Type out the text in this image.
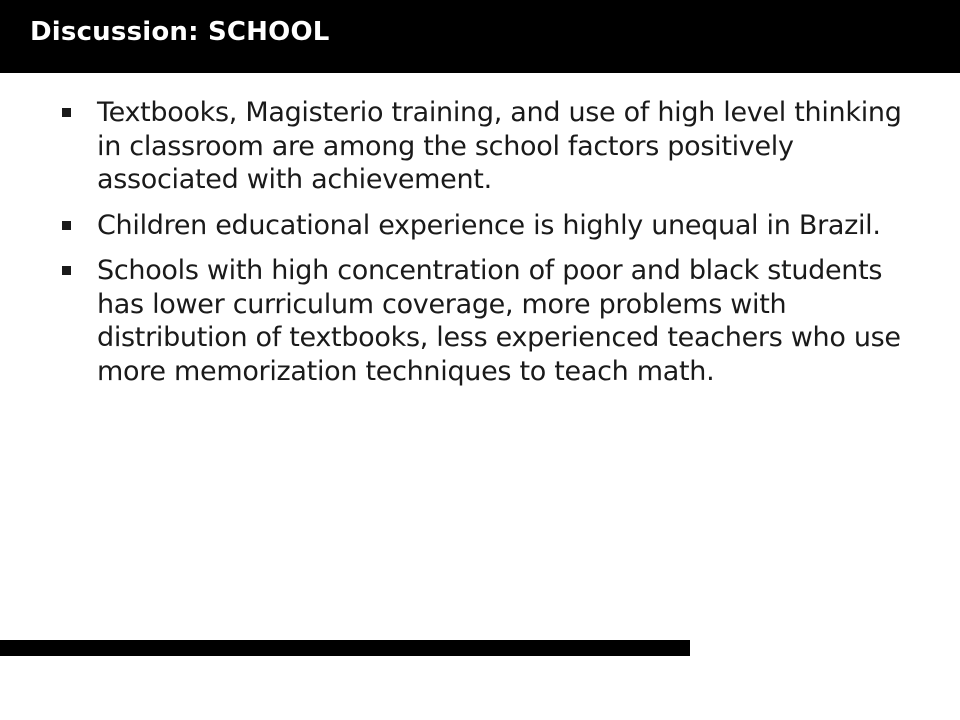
Discussion: SCHOOL
Textbooks, Magisterio training, and use of high level thinking in classroom are among the school factors positively associated with achievement.
Children educational experience is highly unequal in Brazil.
Schools with high concentration of poor and black students has lower curriculum coverage, more problems with distribution of textbooks, less experienced teachers who use more memorization techniques to teach math.
